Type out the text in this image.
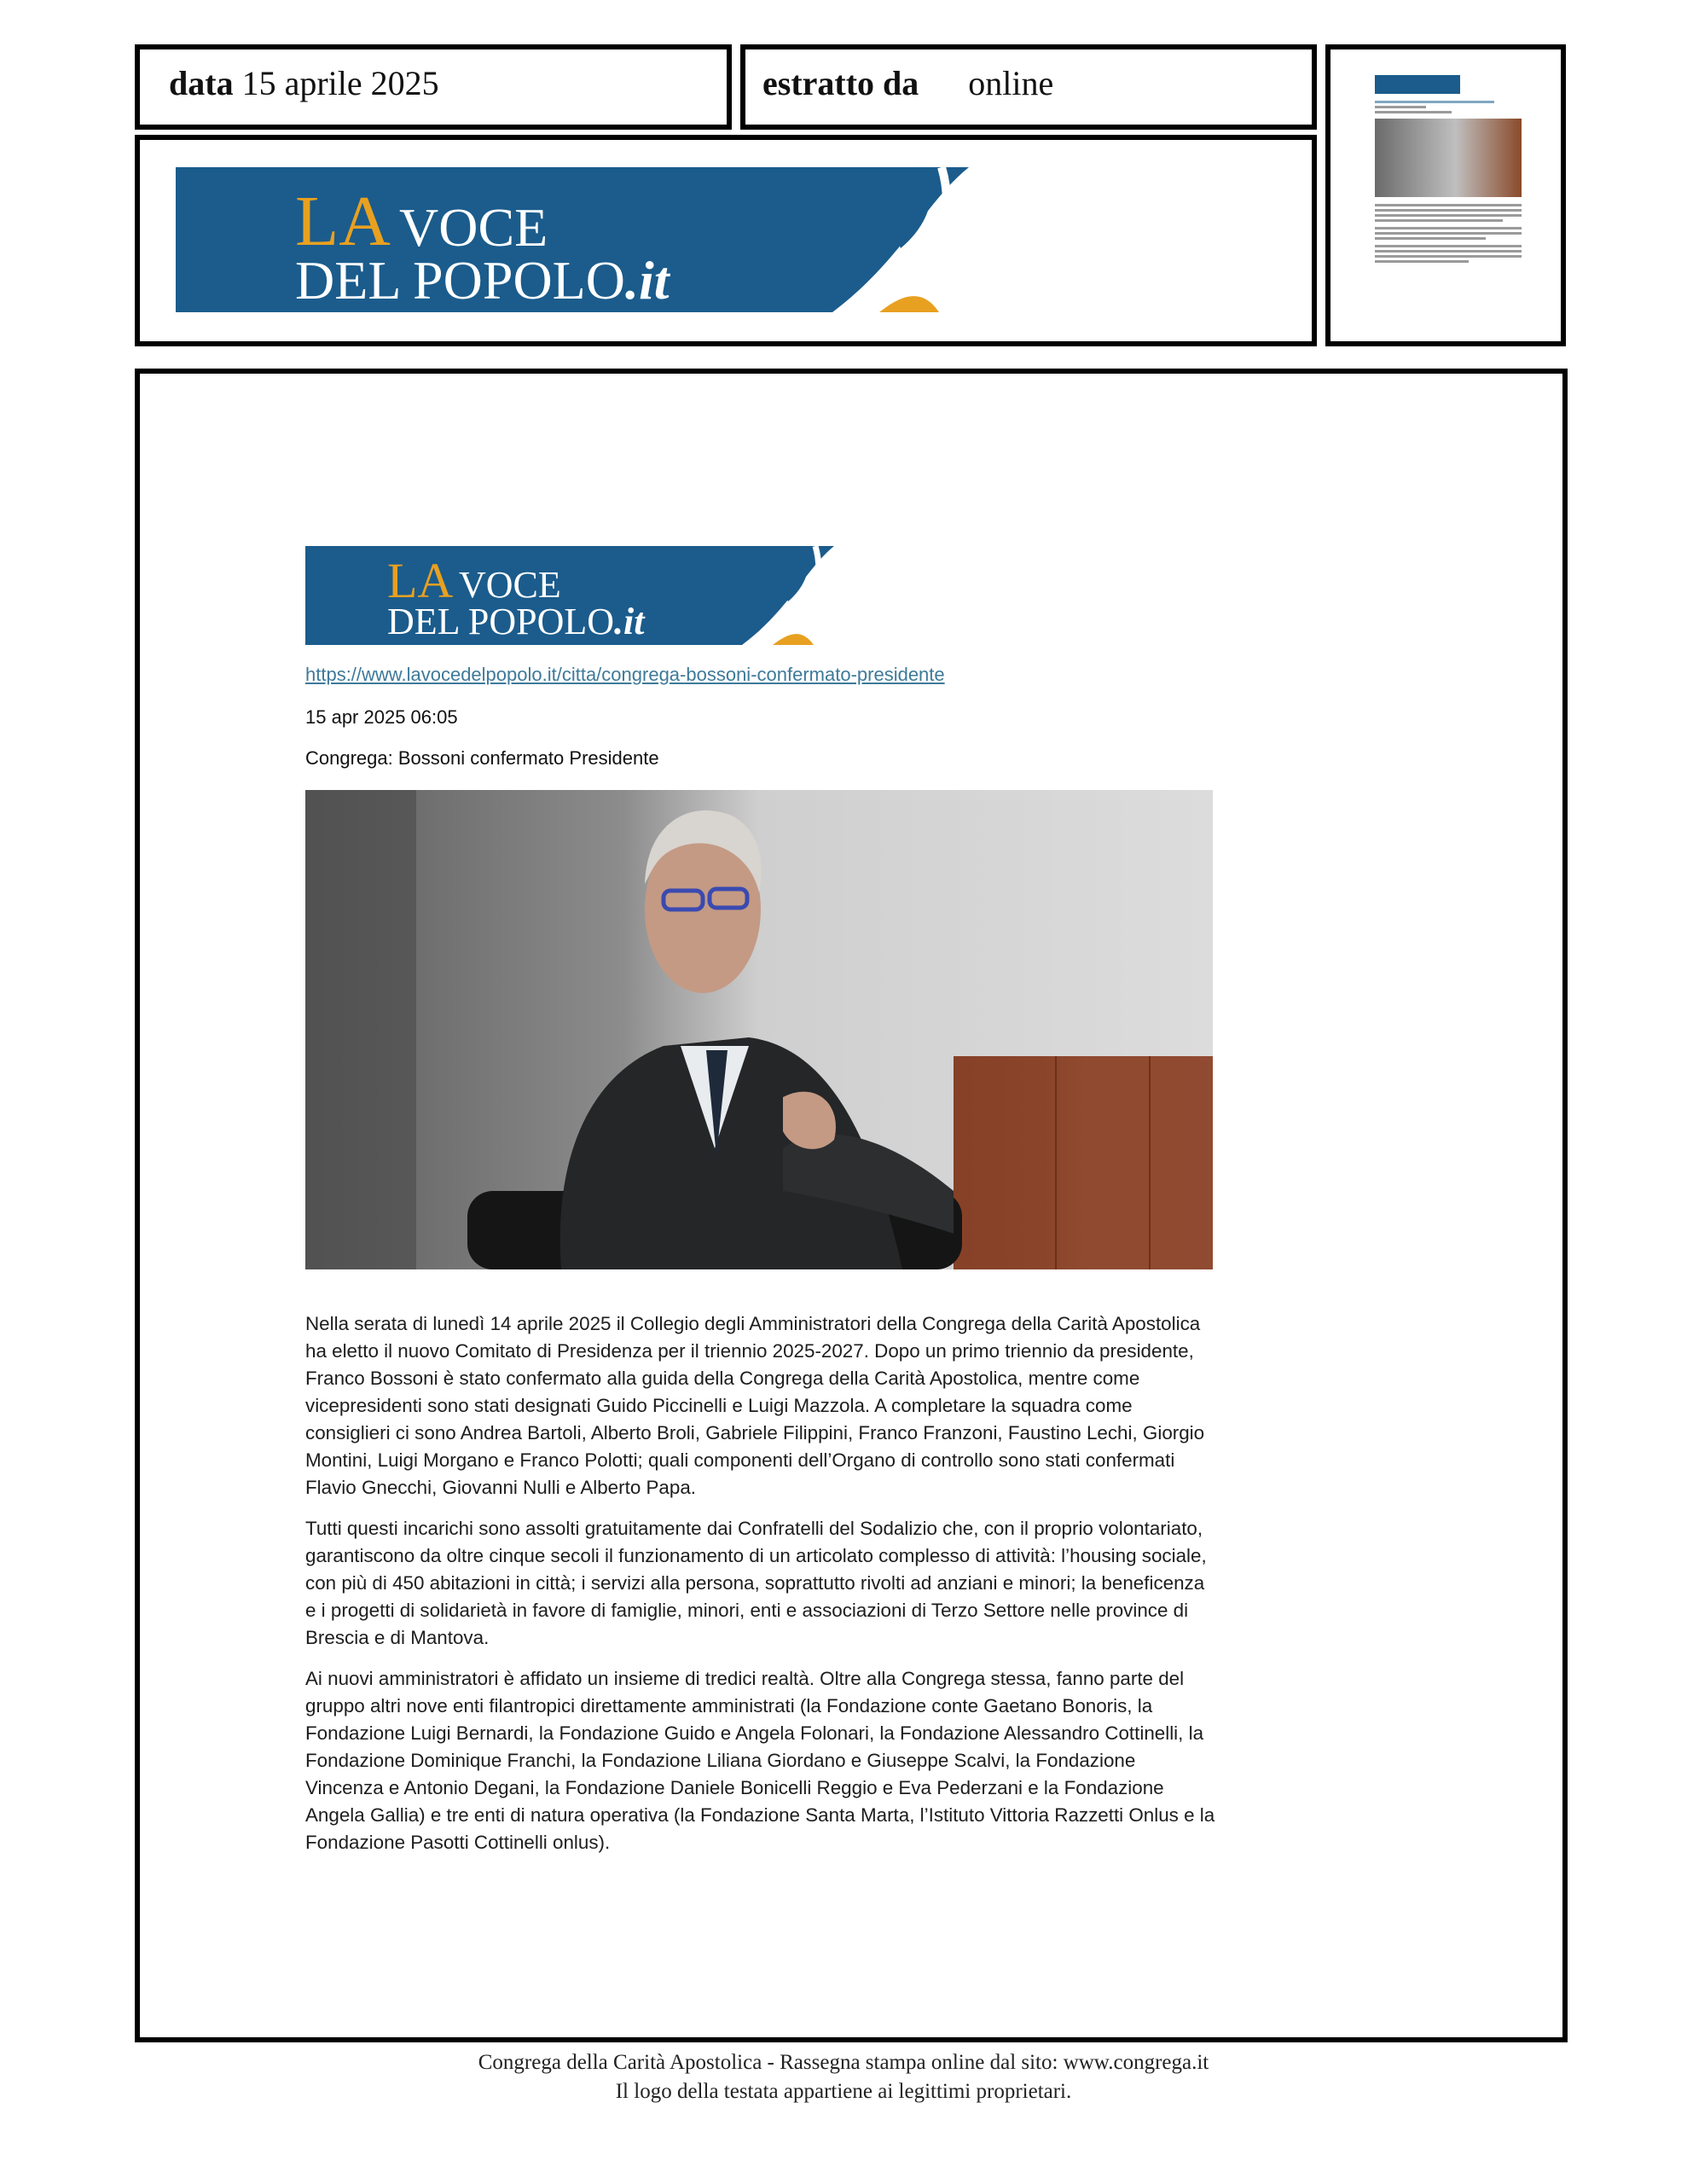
data 15 aprile 2025	estratto da online
LA VOCE
DEL POPOLO.it
LA VOCE
DEL POPOLO.it
https://www.lavocedelpopolo.it/citta/congrega-bossoni-confermato-presidente
15 apr 2025 06:05
Congrega: Bossoni confermato Presidente

Nella serata di lunedì 14 aprile 2025 il Collegio degli Amministratori della Congrega della Carità Apostolica ha eletto il nuovo Comitato di Presidenza per il triennio 2025-2027. Dopo un primo triennio da presidente, Franco Bossoni è stato confermato alla guida della Congrega della Carità Apostolica, mentre come vicepresidenti sono stati designati Guido Piccinelli e Luigi Mazzola. A completare la squadra come consiglieri ci sono Andrea Bartoli, Alberto Broli, Gabriele Filippini, Franco Franzoni, Faustino Lechi, Giorgio Montini, Luigi Morgano e Franco Polotti; quali componenti dell’Organo di controllo sono stati confermati Flavio Gnecchi, Giovanni Nulli e Alberto Papa.

Tutti questi incarichi sono assolti gratuitamente dai Confratelli del Sodalizio che, con il proprio volontariato, garantiscono da oltre cinque secoli il funzionamento di un articolato complesso di attività: l’housing sociale, con più di 450 abitazioni in città; i servizi alla persona, soprattutto rivolti ad anziani e minori; la beneficenza e i progetti di solidarietà in favore di famiglie, minori, enti e associazioni di Terzo Settore nelle province di Brescia e di Mantova.

Ai nuovi amministratori è affidato un insieme di tredici realtà. Oltre alla Congrega stessa, fanno parte del gruppo altri nove enti filantropici direttamente amministrati (la Fondazione conte Gaetano Bonoris, la Fondazione Luigi Bernardi, la Fondazione Guido e Angela Folonari, la Fondazione Alessandro Cottinelli, la Fondazione Dominique Franchi, la Fondazione Liliana Giordano e Giuseppe Scalvi, la Fondazione Vincenza e Antonio Degani, la Fondazione Daniele Bonicelli Reggio e Eva Pederzani e la Fondazione Angela Gallia) e tre enti di natura operativa (la Fondazione Santa Marta, l’Istituto Vittoria Razzetti Onlus e la Fondazione Pasotti Cottinelli onlus).

Congrega della Carità Apostolica - Rassegna stampa online dal sito: www.congrega.it
Il logo della testata appartiene ai legittimi proprietari.
